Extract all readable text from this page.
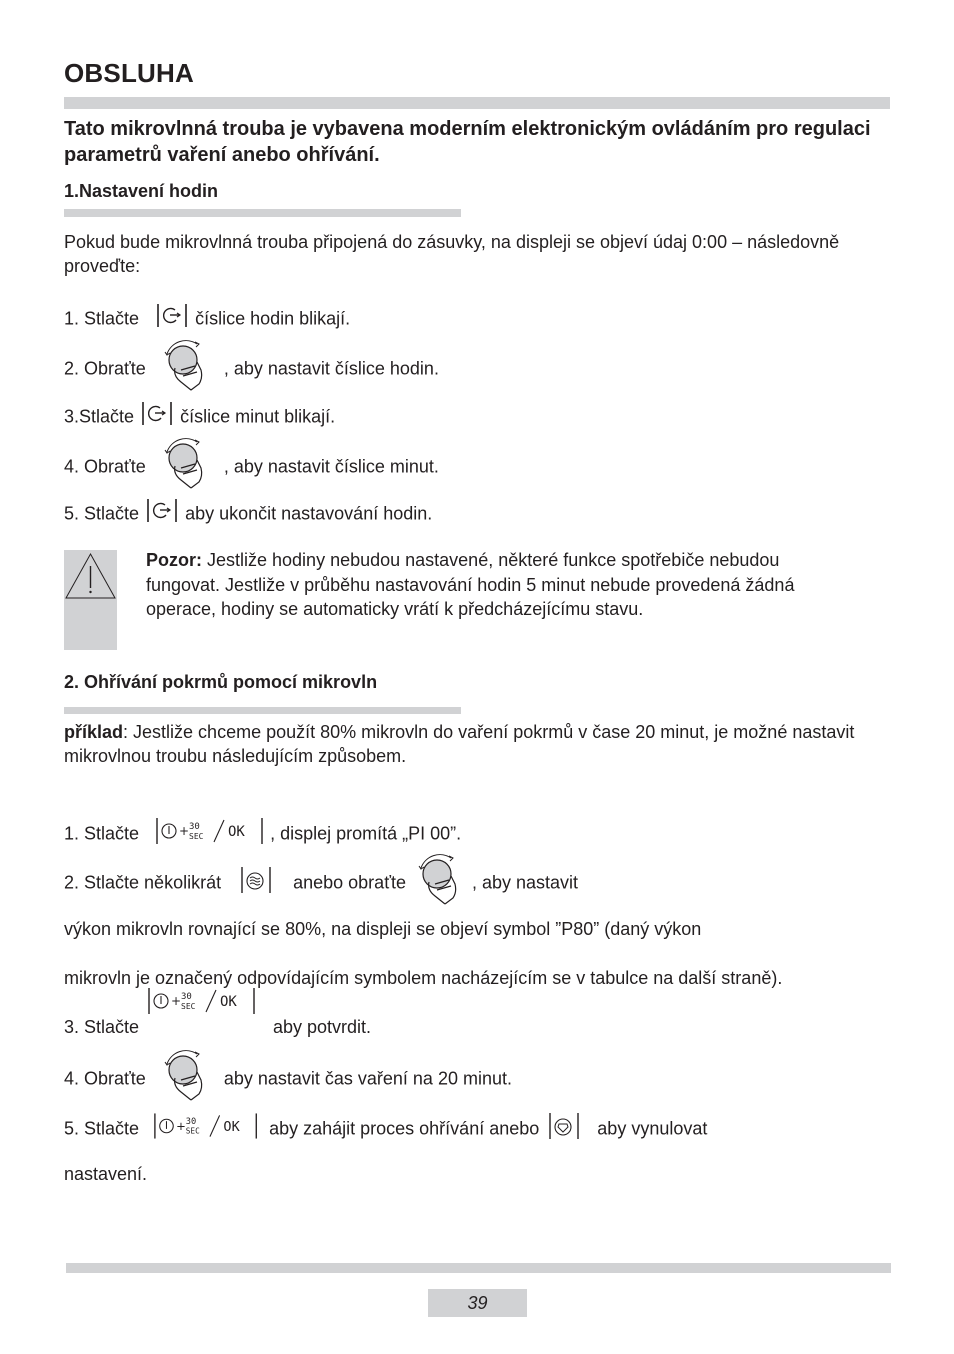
OBSLUHA
Tato mikrovlnná trouba je vybavena moderním elektronickým ovládáním pro regulaci parametrů vaření anebo ohřívání.
1.Nastavení hodin
Pokud bude mikrovlnná trouba připojená do zásuvky, na displeji se objeví údaj 0:00 – následovně proveďte:
1. Stlačte	číslice hodin blikají.
2. Obraťte	, aby nastavit číslice hodin.
3.Stlačte	číslice minut blikají.
4. Obraťte	, aby nastavit číslice minut.
5. Stlačte	aby ukončit nastavování hodin.
Pozor: Jestliže hodiny nebudou nastavené, některé funkce spotřebiče nebudou fungovat. Jestliže v průběhu nastavování hodin 5 minut nebude provedená žádná operace, hodiny se automaticky vrátí k předcházejícímu stavu.
2. Ohřívání pokrmů pomocí mikrovln
příklad: Jestliže chceme použít 80% mikrovln do vaření pokrmů v čase 20 minut, je možné nastavit mikrovlnou troubu následujícím způsobem.
1. Stlačte	+ 30
SEC OK , displej promítá „PI 00”.
2. Stlačte několikrát	anebo obraťte	, aby nastavit
výkon mikrovln rovnající se 80%, na displeji se objeví symbol ”P80” (daný výkon
mikrovln je označený odpovídajícím symbolem nacházejícím se v tabulce na další straně).
+ 30
SEC OK
3. Stlačte	aby potvrdit.
4. Obraťte	aby nastavit čas vaření na 20 minut.
5. Stlačte	+ 30
SEC OK aby zahájit proces ohřívání anebo	aby vynulovat
nastavení.
39
